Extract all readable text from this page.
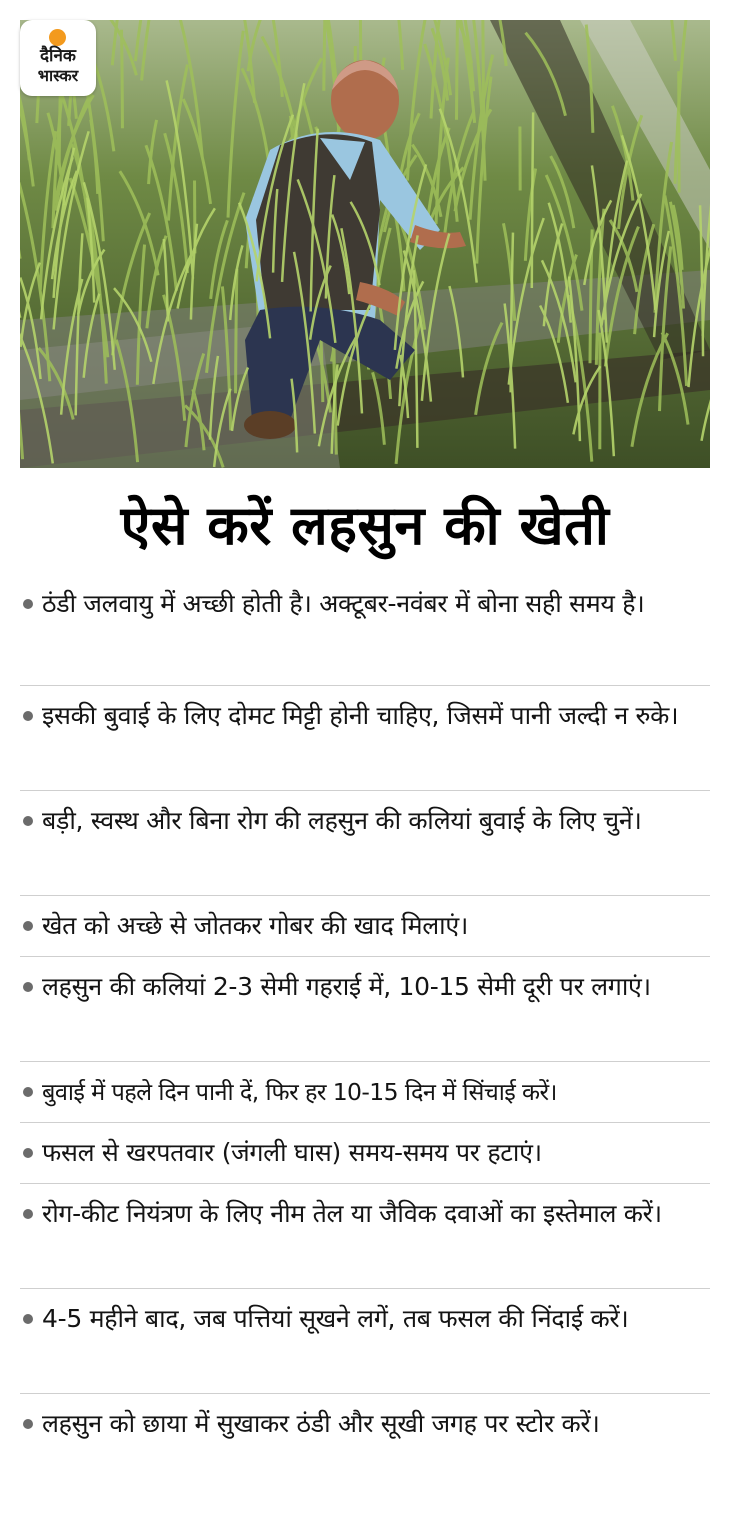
दैनिक
भास्कर
ऐसे करें लहसुन की खेती
ठंडी जलवायु में अच्छी होती है। अक्टूबर-नवंबर में बोना सही समय है।
इसकी बुवाई के लिए दोमट मिट्टी होनी चाहिए, जिसमें पानी जल्दी न रुके।
बड़ी, स्वस्थ और बिना रोग की लहसुन की कलियां बुवाई के लिए चुनें।
खेत को अच्छे से जोतकर गोबर की खाद मिलाएं।
लहसुन की कलियां 2-3 सेमी गहराई में, 10-15 सेमी दूरी पर लगाएं।
बुवाई में पहले दिन पानी दें, फिर हर 10-15 दिन में सिंचाई करें।
फसल से खरपतवार (जंगली घास) समय-समय पर हटाएं।
रोग-कीट नियंत्रण के लिए नीम तेल या जैविक दवाओं का इस्तेमाल करें।
4-5 महीने बाद, जब पत्तियां सूखने लगें, तब फसल की निंदाई करें।
लहसुन को छाया में सुखाकर ठंडी और सूखी जगह पर स्टोर करें।
